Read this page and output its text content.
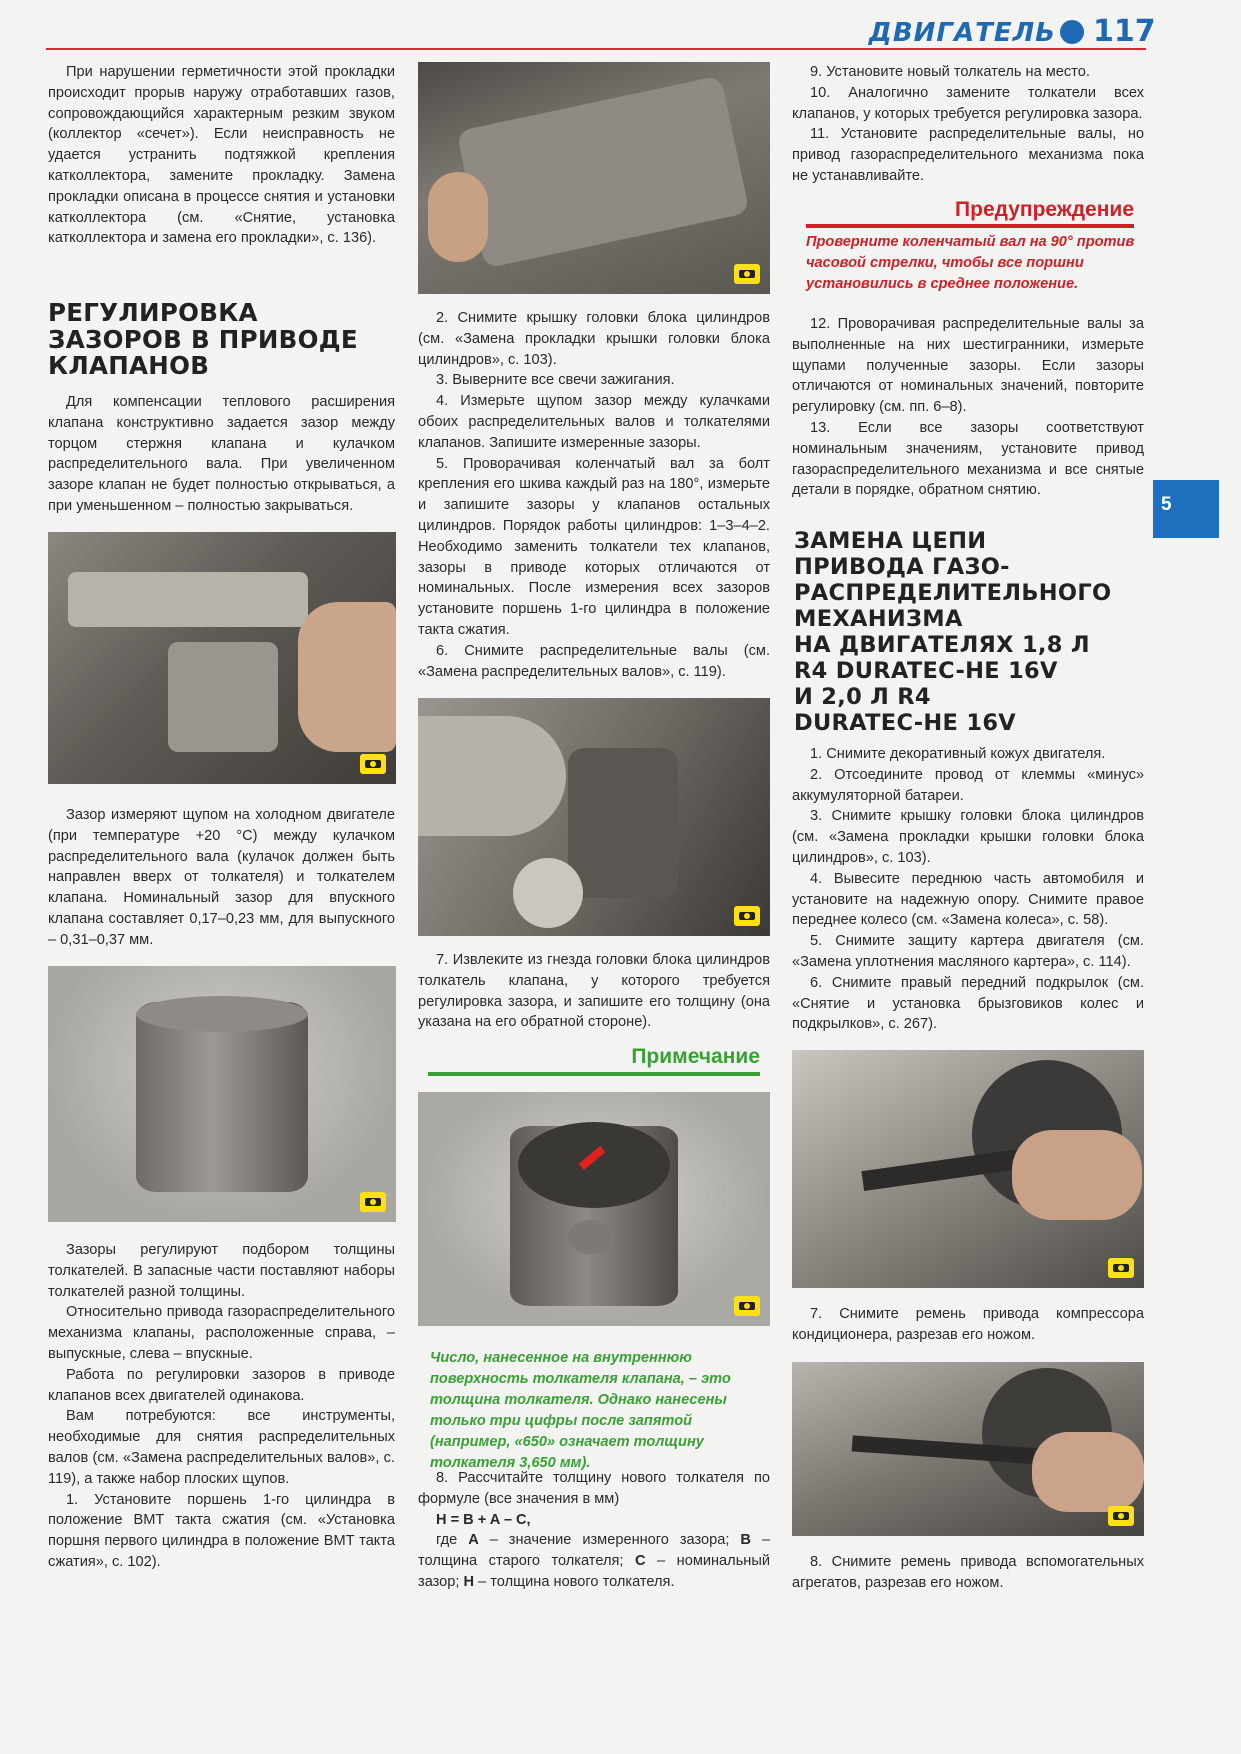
ДВИГАТЕЛЬ 117
5

При нарушении герметичности этой прокладки происходит прорыв наружу отработавших газов, сопровождающийся характерным резким звуком (коллектор «сечет»). Если неисправность не удается устранить подтяжкой крепления катколлектора, замените прокладку. Замена прокладки описана в процессе снятия и установки катколлектора (см. «Снятие, установка катколлектора и замена его прокладки», с. 136).

РЕГУЛИРОВКА
ЗАЗОРОВ В ПРИВОДЕ
КЛАПАНОВ

Для компенсации теплового расширения клапана конструктивно задается зазор между торцом стержня клапана и кулачком распределительного вала. При увеличенном зазоре клапан не будет полностью открываться, а при уменьшенном – полностью закрываться.

Зазор измеряют щупом на холодном двигателе (при температуре +20 °С) между кулачком распределительного вала (кулачок должен быть направлен вверх от толкателя) и толкателем клапана. Номинальный зазор для впускного клапана составляет 0,17–0,23 мм, для выпускного – 0,31–0,37 мм.

Зазоры регулируют подбором толщины толкателей. В запасные части поставляют наборы толкателей разной толщины.

Относительно привода газораспределительного механизма клапаны, расположенные справа, – выпускные, слева – впускные.

Работа по регулировки зазоров в приводе клапанов всех двигателей одинакова.

Вам потребуются: все инструменты, необходимые для снятия распределительных валов (см. «Замена распределительных валов», с. 119), а также набор плоских щупов.

1. Установите поршень 1-го цилиндра в положение ВМТ такта сжатия (см. «Установка поршня первого цилиндра в положение ВМТ такта сжатия», с. 102).

2. Снимите крышку головки блока цилиндров (см. «Замена прокладки крышки головки блока цилиндров», с. 103).

3. Выверните все свечи зажигания.

4. Измерьте щупом зазор между кулачками обоих распределительных валов и толкателями клапанов. Запишите измеренные зазоры.

5. Проворачивая коленчатый вал за болт крепления его шкива каждый раз на 180°, измерьте и запишите зазоры у клапанов остальных цилиндров. Порядок работы цилиндров: 1–3–4–2. Необходимо заменить толкатели тех клапанов, зазоры в приводе которых отличаются от номинальных. После измерения всех зазоров установите поршень 1-го цилиндра в положение такта сжатия.

6. Снимите распределительные валы (см. «Замена распределительных валов», с. 119).

7. Извлеките из гнезда головки блока цилиндров толкатель клапана, у которого требуется регулировка зазора, и запишите его толщину (она указана на его обратной стороне).

Примечание
Число, нанесенное на внутреннюю поверхность толкателя клапана, – это толщина толкателя. Однако нанесены только три цифры после запятой (например, «650» означает толщину толкателя 3,650 мм).

8. Рассчитайте толщину нового толкателя по формуле (все значения в мм)

H = B + A – C,

где A – значение измеренного зазора; B – толщина старого толкателя; C – номинальный зазор; H – толщина нового толкателя.

9. Установите новый толкатель на место.

10. Аналогично замените толкатели всех клапанов, у которых требуется регулировка зазора.

11. Установите распределительные валы, но привод газораспределительного механизма пока не устанавливайте.

Предупреждение
Проверните коленчатый вал на 90° против часовой стрелки, чтобы все поршни установились в среднее положение.

12. Проворачивая распределительные валы за выполненные на них шестигранники, измерьте щупами полученные зазоры. Если зазоры отличаются от номинальных значений, повторите регулировку (см. пп. 6–8).

13. Если все зазоры соответствуют номинальным значениям, установите привод газораспределительного механизма и все снятые детали в порядке, обратном снятию.

ЗАМЕНА ЦЕПИ
ПРИВОДА ГАЗО-
РАСПРЕДЕЛИТЕЛЬНОГО
МЕХАНИЗМА
НА ДВИГАТЕЛЯХ 1,8 Л
R4 DURATEC-HE 16V
И 2,0 Л R4
DURATEC-HE 16V

1. Снимите декоративный кожух двигателя.

2. Отсоедините провод от клеммы «минус» аккумуляторной батареи.

3. Снимите крышку головки блока цилиндров (см. «Замена прокладки крышки головки блока цилиндров», с. 103).

4. Вывесите переднюю часть автомобиля и установите на надежную опору. Снимите правое переднее колесо (см. «Замена колеса», с. 58).

5. Снимите защиту картера двигателя (см. «Замена уплотнения масляного картера», с. 114).

6. Снимите правый передний подкрылок (см. «Снятие и установка брызговиков колес и подкрылков», с. 267).

7. Снимите ремень привода компрессора кондиционера, разрезав его ножом.

8. Снимите ремень привода вспомогательных агрегатов, разрезав его ножом.
